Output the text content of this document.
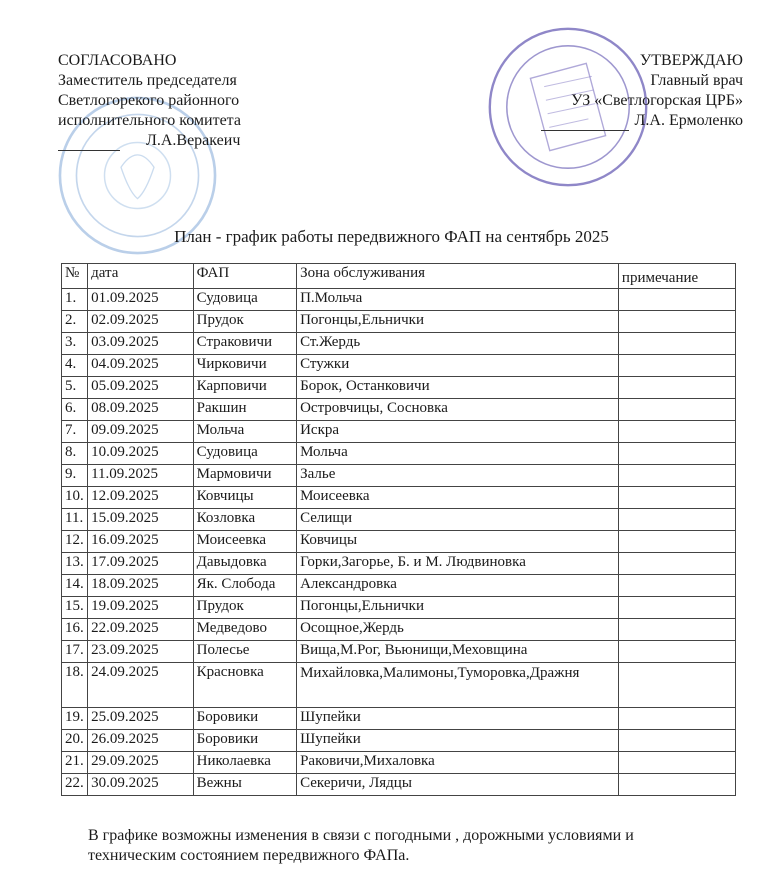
СОГЛАСОВАНО
Заместитель председателя
Светлогорекого районного
исполнительного комитета
Л.А.Веракеич
УТВЕРЖДАЮ
Главный врач
УЗ «Светлогорская ЦРБ»
Л.А. Ермоленко
План - график работы передвижного ФАП на сентябрь 2025
№	дата	ФАП	Зона обслуживания	примечание
1.	01.09.2025	Судовица	П.Мольча	
2.	02.09.2025	Прудок	Погонцы,Ельнички	
3.	03.09.2025	Страковичи	Ст.Жердь	
4.	04.09.2025	Чирковичи	Стужки	
5.	05.09.2025	Карповичи	Борок, Останковичи	
6.	08.09.2025	Ракшин	Островчицы, Сосновка	
7.	09.09.2025	Мольча	Искра	
8.	10.09.2025	Судовица	Мольча	
9.	11.09.2025	Мармовичи	Залье	
10.	12.09.2025	Ковчицы	Моисеевка	
11.	15.09.2025	Козловка	Селищи	
12.	16.09.2025	Моисеевка	Ковчицы	
13.	17.09.2025	Давыдовка	Горки,Загорье, Б. и М. Людвиновка	
14.	18.09.2025	Як. Слобода	Александровка	
15.	19.09.2025	Прудок	Погонцы,Ельнички	
16.	22.09.2025	Медведово	Осощное,Жердь	
17.	23.09.2025	Полесье	Вища,М.Рог, Вьюнищи,Меховщина	
18.	24.09.2025	Красновка	Михайловка,Малимоны,Туморовка,Дражня	
19.	25.09.2025	Боровики	Шупейки	
20.	26.09.2025	Боровики	Шупейки	
21.	29.09.2025	Николаевка	Раковичи,Михаловка	
22.	30.09.2025	Вежны	Секеричи, Лядцы	
В графике возможны изменения в связи с погодными , дорожными условиями и
техническим состоянием передвижного ФАПа.
